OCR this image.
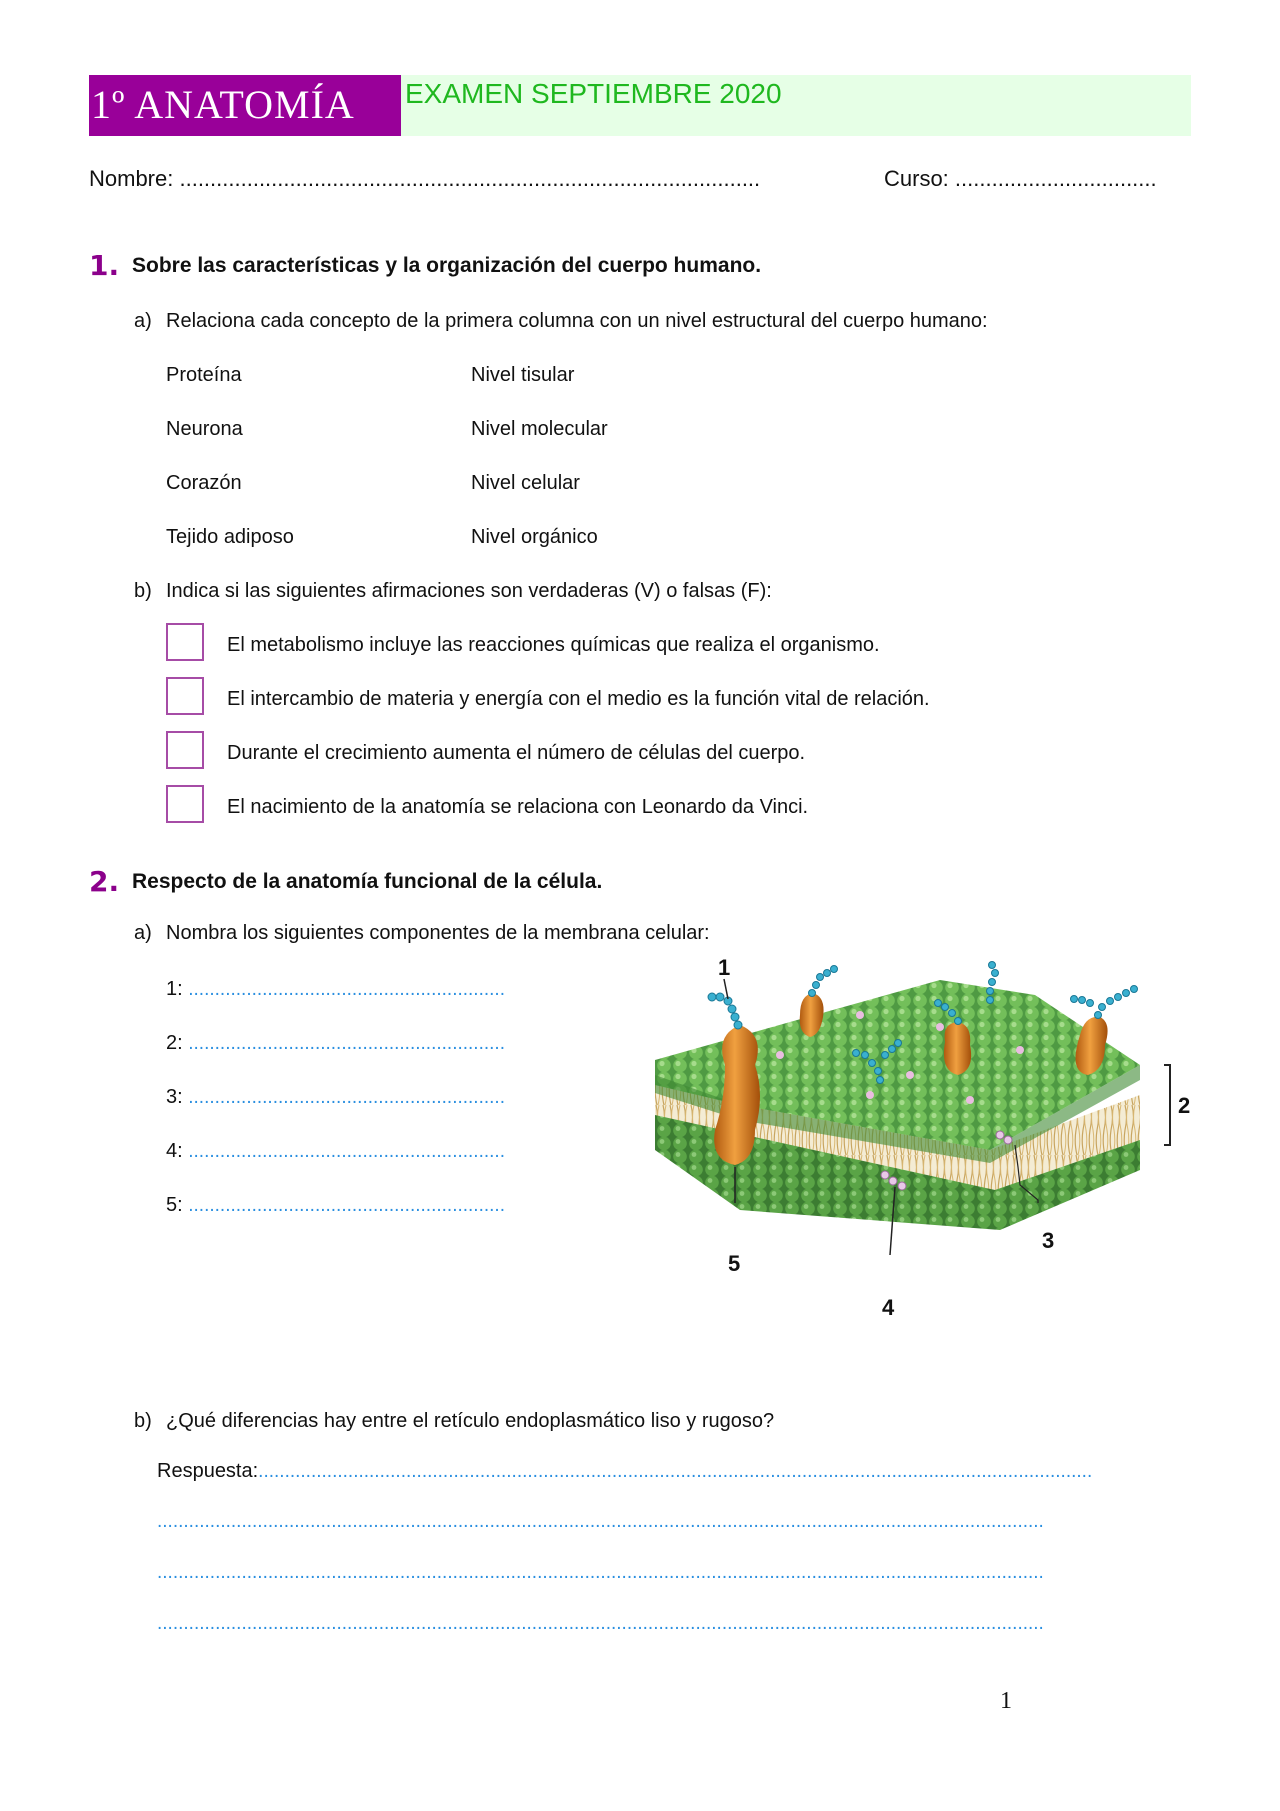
1º ANATOMÍA EXAMEN SEPTIEMBRE 2020
Nombre: ...............................................................................................	Curso: .................................
1. Sobre las características y la organización del cuerpo humano.
a) Relaciona cada concepto de la primera columna con un nivel estructural del cuerpo humano:
Proteína
Neurona
Corazón
Tejido adiposo
Nivel tisular
Nivel molecular
Nivel celular
Nivel orgánico
b) Indica si las siguientes afirmaciones son verdaderas (V) o falsas (F):
El metabolismo incluye las reacciones químicas que realiza el organismo.
El intercambio de materia y energía con el medio es la función vital de relación.
Durante el crecimiento aumenta el número de células del cuerpo.
El nacimiento de la anatomía se relaciona con Leonardo da Vinci.
2. Respecto de la anatomía funcional de la célula.
a) Nombra los siguientes componentes de la membrana celular:
1: ............................................................
2: ............................................................
3: ............................................................
4: ............................................................
5: ............................................................
1
2
3
4
5
b) ¿Qué diferencias hay entre el retículo endoplasmático liso y rugoso?
Respuesta:..............................................................................................................................................................
........................................................................................................................................................................
........................................................................................................................................................................
........................................................................................................................................................................
1
